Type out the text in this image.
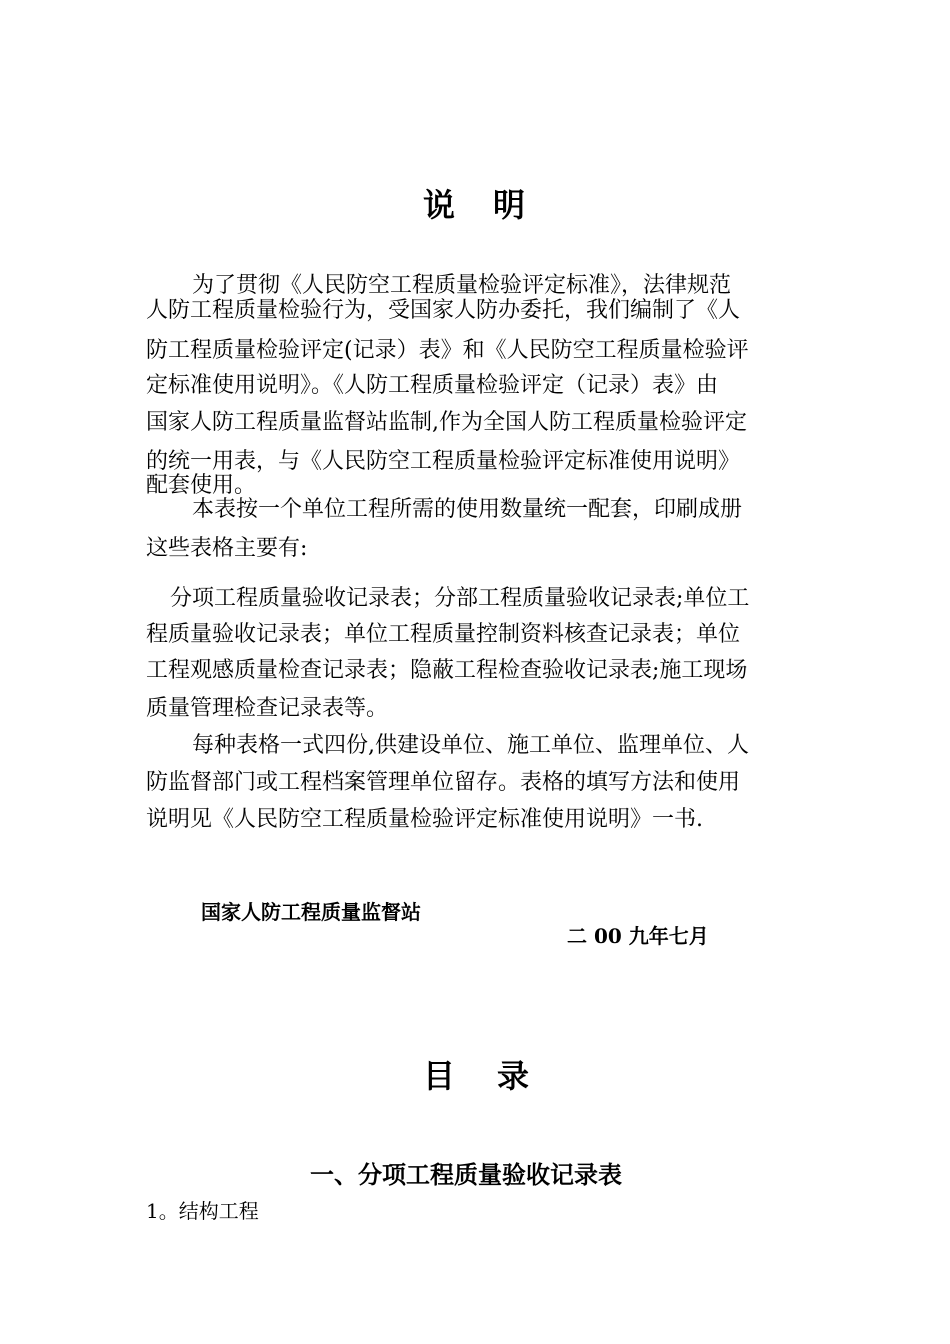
说 明
为了贯彻《人民防空工程质量检验评定标准》，法律规范
人防工程质量检验行为，受国家人防办委托，我们编制了《人
防工程质量检验评定(记录）表》和《人民防空工程质量检验评
定标准使用说明》。《人防工程质量检验评定（记录）表》由
国家人防工程质量监督站监制,作为全国人防工程质量检验评定
的统一用表，与《人民防空工程质量检验评定标准使用说明》
配套使用。
本表按一个单位工程所需的使用数量统一配套，印刷成册
这些表格主要有:
分项工程质量验收记录表；分部工程质量验收记录表;单位工
程质量验收记录表；单位工程质量控制资料核查记录表；单位
工程观感质量检查记录表；隐蔽工程检查验收记录表;施工现场
质量管理检查记录表等。
每种表格一式四份,供建设单位、施工单位、监理单位、人
防监督部门或工程档案管理单位留存。表格的填写方法和使用
说明见《人民防空工程质量检验评定标准使用说明》一书.
国家人防工程质量监督站
二 00 九年七月
目 录
一、分项工程质量验收记录表
1。结构工程
